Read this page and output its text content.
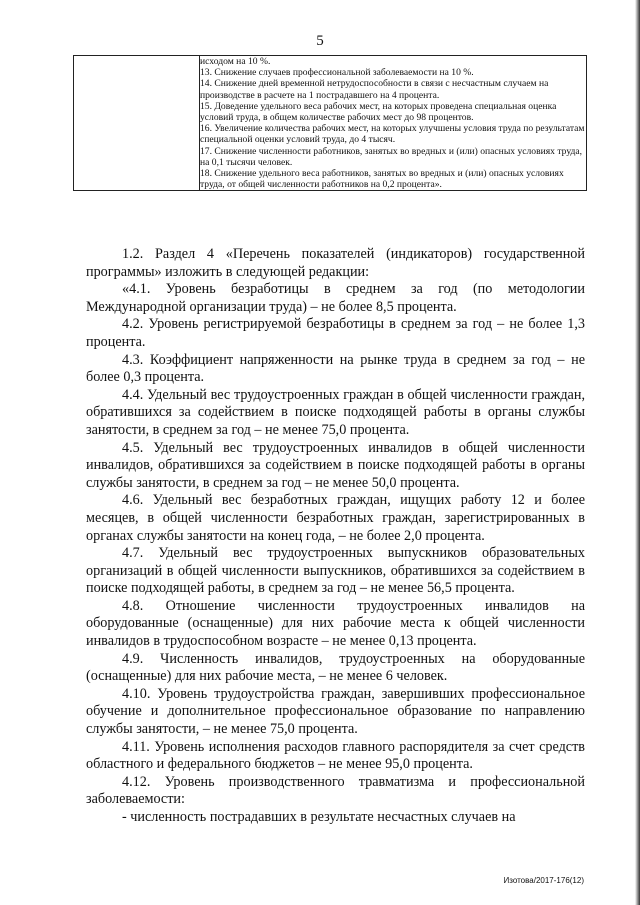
5

исходом на 10 %.

13. Снижение случаев профессиональной заболеваемости на 10 %.

14. Снижение дней временной нетрудоспособности в связи с несчастным случаем на производстве в расчете на 1 пострадавшего на 4 процента.

15. Доведение удельного веса рабочих мест, на которых проведена специальная оценка условий труда, в общем количестве рабочих мест до 98 процентов.

16. Увеличение количества рабочих мест, на которых улучшены условия труда по результатам специальной оценки условий труда, до 4 тысяч.

17. Снижение численности работников, занятых во вредных и (или) опасных условиях труда, на 0,1 тысячи человек.

18. Снижение удельного веса работников, занятых во вредных и (или) опасных условиях труда, от общей численности работников на 0,2 процента».

1.2. Раздел 4 «Перечень показателей (индикаторов) государственной программы» изложить в следующей редакции:

«4.1. Уровень безработицы в среднем за год (по методологии Международной организации труда) – не более 8,5 процента.

4.2. Уровень регистрируемой безработицы в среднем за год – не более 1,3 процента.

4.3. Коэффициент напряженности на рынке труда в среднем за год – не более 0,3 процента.

4.4. Удельный вес трудоустроенных граждан в общей численности граждан, обратившихся за содействием в поиске подходящей работы в органы службы занятости, в среднем за год – не менее 75,0 процента.

4.5. Удельный вес трудоустроенных инвалидов в общей численности инвалидов, обратившихся за содействием в поиске подходящей работы в органы службы занятости, в среднем за год – не менее 50,0 процента.

4.6. Удельный вес безработных граждан, ищущих работу 12 и более месяцев, в общей численности безработных граждан, зарегистрированных в органах службы занятости на конец года, – не более 2,0 процента.

4.7. Удельный вес трудоустроенных выпускников образовательных организаций в общей численности выпускников, обратившихся за содействием в поиске подходящей работы, в среднем за год – не менее 56,5 процента.

4.8. Отношение численности трудоустроенных инвалидов на оборудованные (оснащенные) для них рабочие места к общей численности инвалидов в трудоспособном возрасте – не менее 0,13 процента.

4.9. Численность инвалидов, трудоустроенных на оборудованные (оснащенные) для них рабочие места, – не менее 6 человек.

4.10. Уровень трудоустройства граждан, завершивших профессиональное обучение и дополнительное профессиональное образование по направлению службы занятости, – не менее 75,0 процента.

4.11. Уровень исполнения расходов главного распорядителя за счет средств областного и федерального бюджетов – не менее 95,0 процента.

4.12. Уровень производственного травматизма и профессиональной заболеваемости:

- численность пострадавших в результате несчастных случаев на

Изотова/2017-176(12)
